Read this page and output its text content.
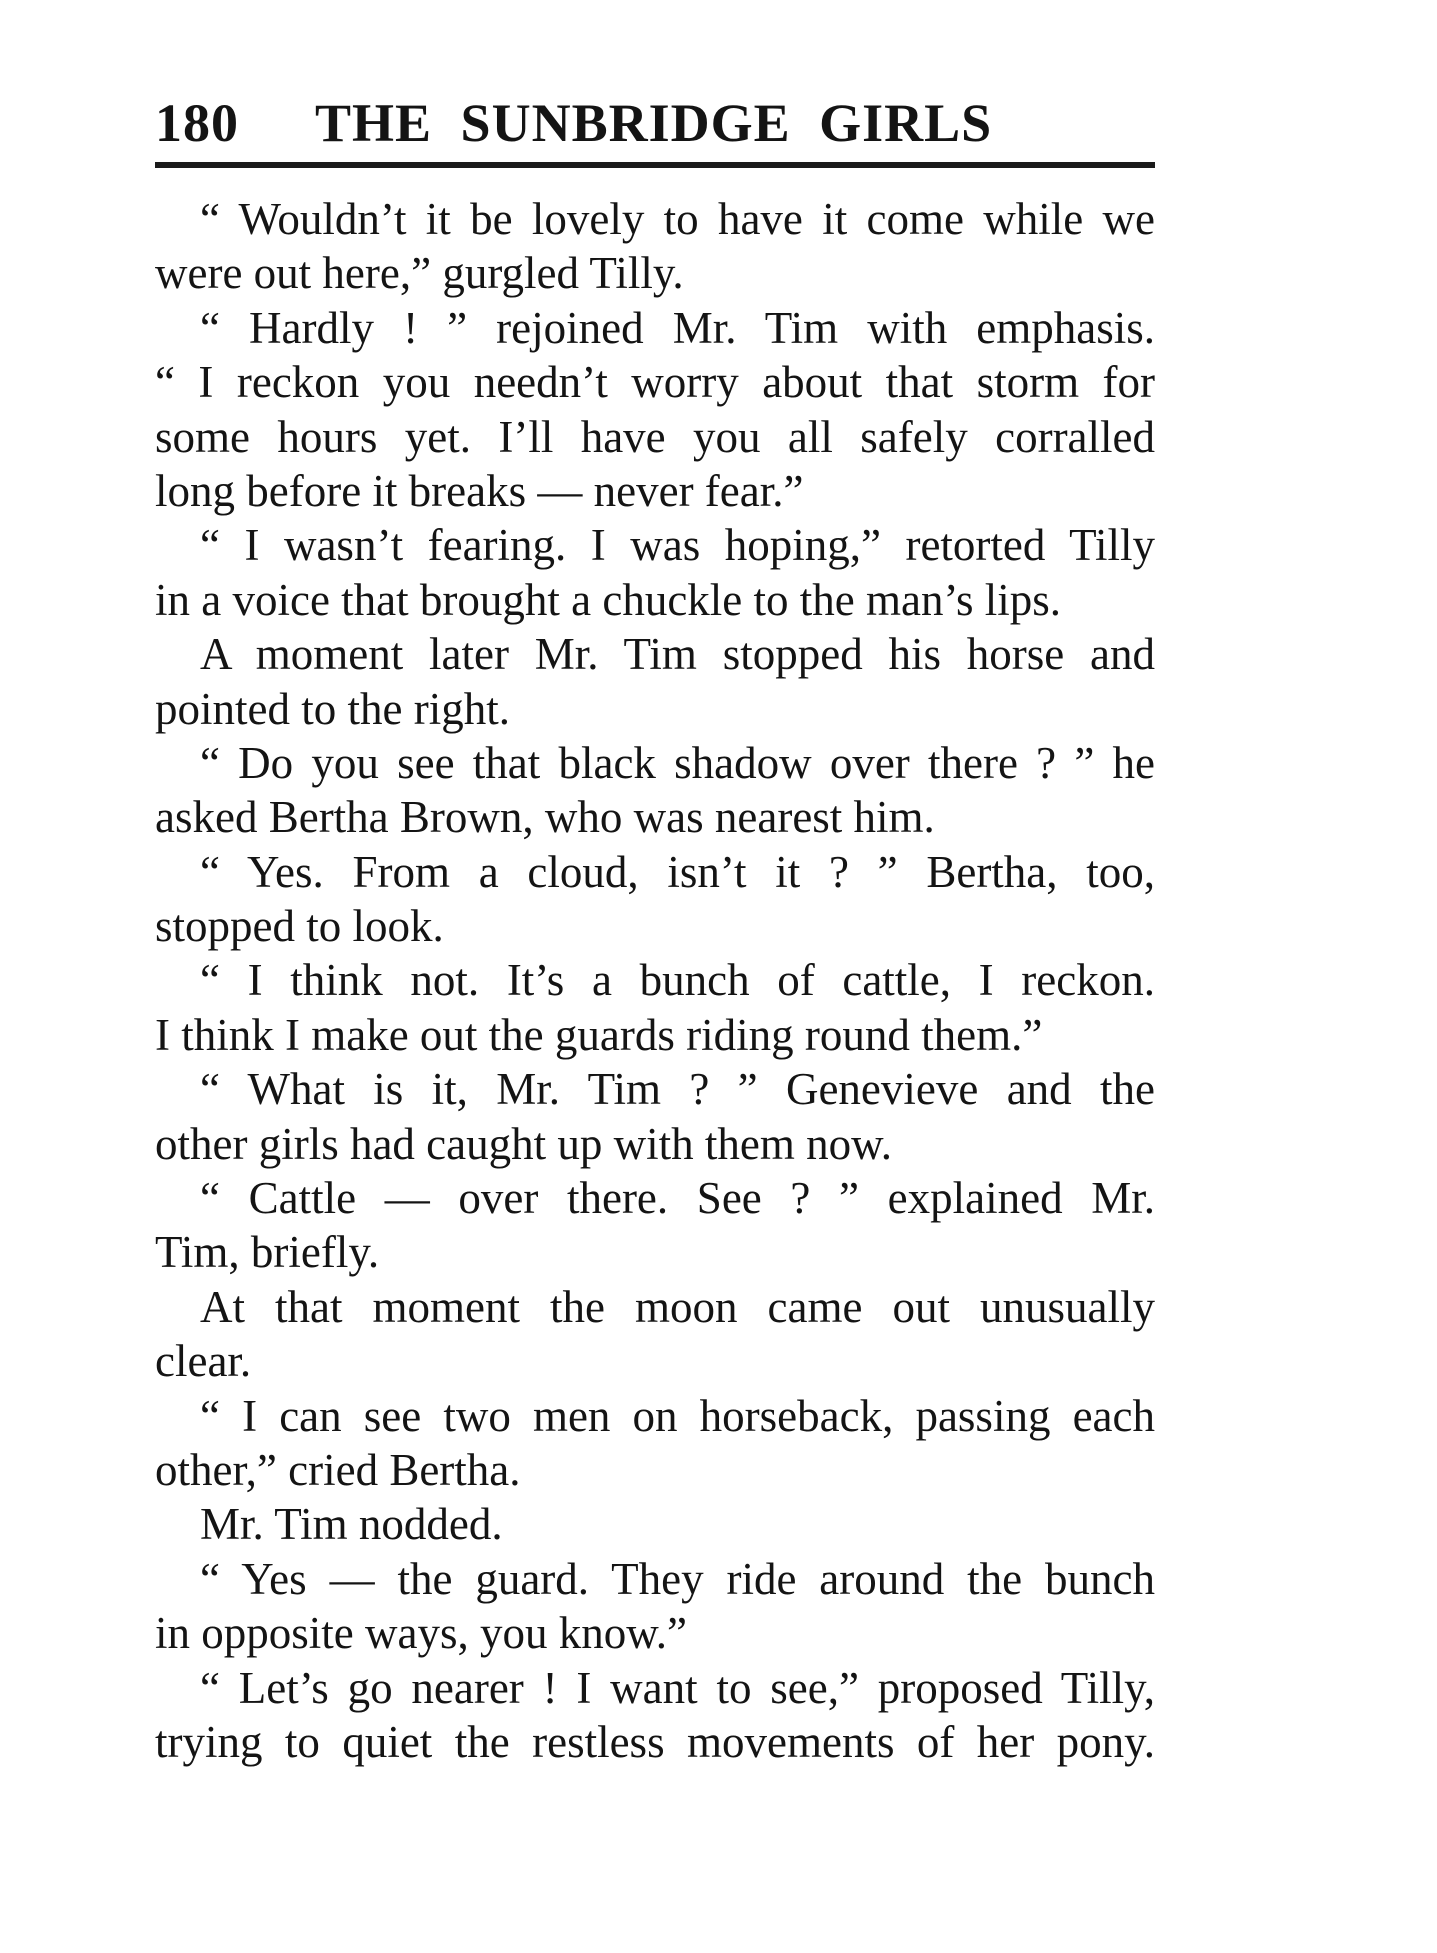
180 THE SUNBRIDGE GIRLS
“ Wouldn’t it be lovely to have it come while we
were out here,” gurgled Tilly.
“ Hardly ! ” rejoined Mr. Tim with emphasis.
“ I reckon you needn’t worry about that storm for
some hours yet. I’ll have you all safely corralled
long before it breaks — never fear.”
“ I wasn’t fearing. I was hoping,” retorted Tilly
in a voice that brought a chuckle to the man’s lips.
A moment later Mr. Tim stopped his horse and
pointed to the right.
“ Do you see that black shadow over there ? ” he
asked Bertha Brown, who was nearest him.
“ Yes. From a cloud, isn’t it ? ” Bertha, too,
stopped to look.
“ I think not. It’s a bunch of cattle, I reckon.
I think I make out the guards riding round them.”
“ What is it, Mr. Tim ? ” Genevieve and the
other girls had caught up with them now.
“ Cattle — over there. See ? ” explained Mr.
Tim, briefly.
At that moment the moon came out unusually
clear.
“ I can see two men on horseback, passing each
other,” cried Bertha.
Mr. Tim nodded.
“ Yes — the guard. They ride around the bunch
in opposite ways, you know.”
“ Let’s go nearer ! I want to see,” proposed Tilly,
trying to quiet the restless movements of her pony.
